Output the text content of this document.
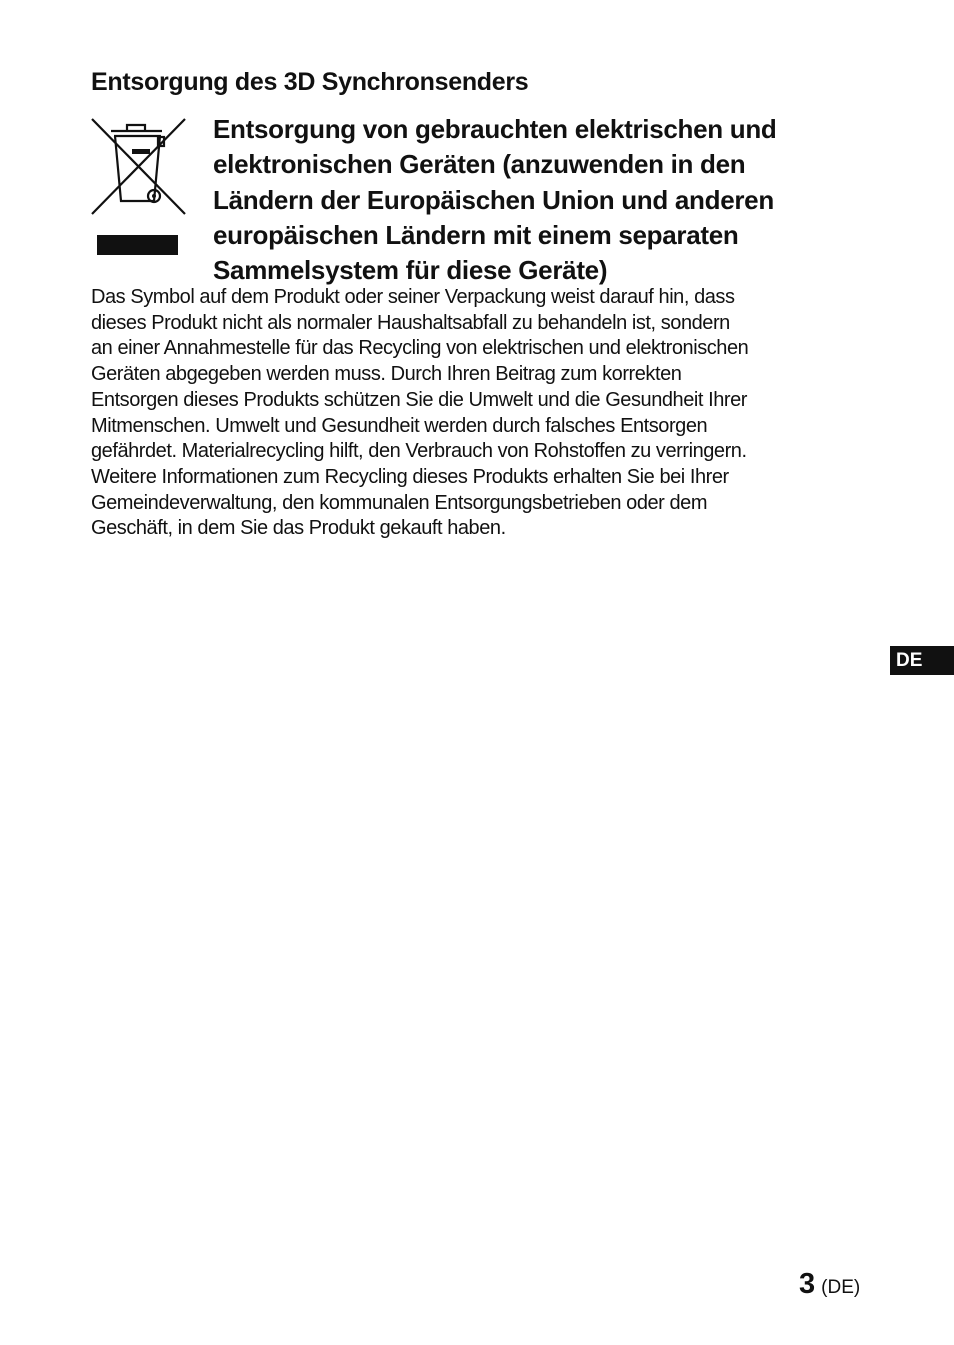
Entsorgung des 3D Synchronsenders
Entsorgung von gebrauchten elektrischen und
elektronischen Geräten (anzuwenden in den
Ländern der Europäischen Union und anderen
europäischen Ländern mit einem separaten
Sammelsystem für diese Geräte)

Das Symbol auf dem Produkt oder seiner Verpackung weist darauf hin, dass
dieses Produkt nicht als normaler Haushaltsabfall zu behandeln ist, sondern
an einer Annahmestelle für das Recycling von elektrischen und elektronischen
Geräten abgegeben werden muss. Durch Ihren Beitrag zum korrekten
Entsorgen dieses Produkts schützen Sie die Umwelt und die Gesundheit Ihrer
Mitmenschen. Umwelt und Gesundheit werden durch falsches Entsorgen
gefährdet. Materialrecycling hilft, den Verbrauch von Rohstoffen zu verringern.
Weitere Informationen zum Recycling dieses Produkts erhalten Sie bei Ihrer
Gemeindeverwaltung, den kommunalen Entsorgungsbetrieben oder dem
Geschäft, in dem Sie das Produkt gekauft haben.

DE
3 (DE)
